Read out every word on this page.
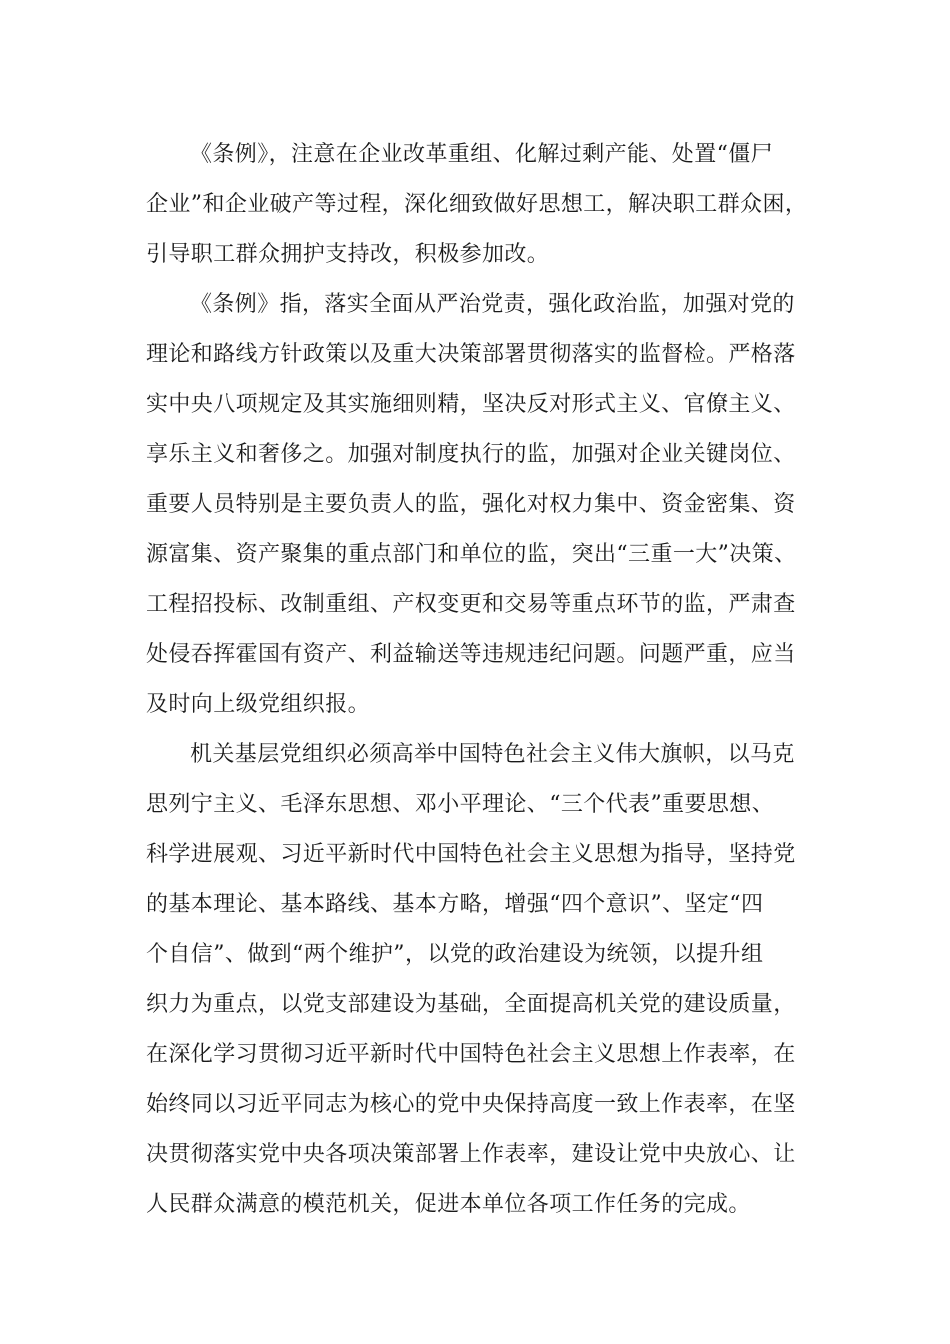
《条例》，注意在企业改革重组、化解过剩产能、处置“僵尸
企业”和企业破产等过程，深化细致做好思想工，解决职工群众困，
引导职工群众拥护支持改，积极参加改。
《条例》指，落实全面从严治党责，强化政治监，加强对党的
理论和路线方针政策以及重大决策部署贯彻落实的监督检。严格落
实中央八项规定及其实施细则精，坚决反对形式主义、官僚主义、
享乐主义和奢侈之。加强对制度执行的监，加强对企业关键岗位、
重要人员特别是主要负责人的监，强化对权力集中、资金密集、资
源富集、资产聚集的重点部门和单位的监，突出“三重一大”决策、
工程招投标、改制重组、产权变更和交易等重点环节的监，严肃查
处侵吞挥霍国有资产、利益输送等违规违纪问题。问题严重，应当
及时向上级党组织报。
机关基层党组织必须高举中国特色社会主义伟大旗帜，以马克
思列宁主义、毛泽东思想、邓小平理论、“三个代表”重要思想、
科学进展观、习近平新时代中国特色社会主义思想为指导，坚持党
的基本理论、基本路线、基本方略，增强“四个意识”、坚定“四
个自信”、做到“两个维护”，以党的政治建设为统领，以提升组
织力为重点，以党支部建设为基础，全面提高机关党的建设质量，
在深化学习贯彻习近平新时代中国特色社会主义思想上作表率，在
始终同以习近平同志为核心的党中央保持高度一致上作表率，在坚
决贯彻落实党中央各项决策部署上作表率，建设让党中央放心、让
人民群众满意的模范机关，促进本单位各项工作任务的完成。
